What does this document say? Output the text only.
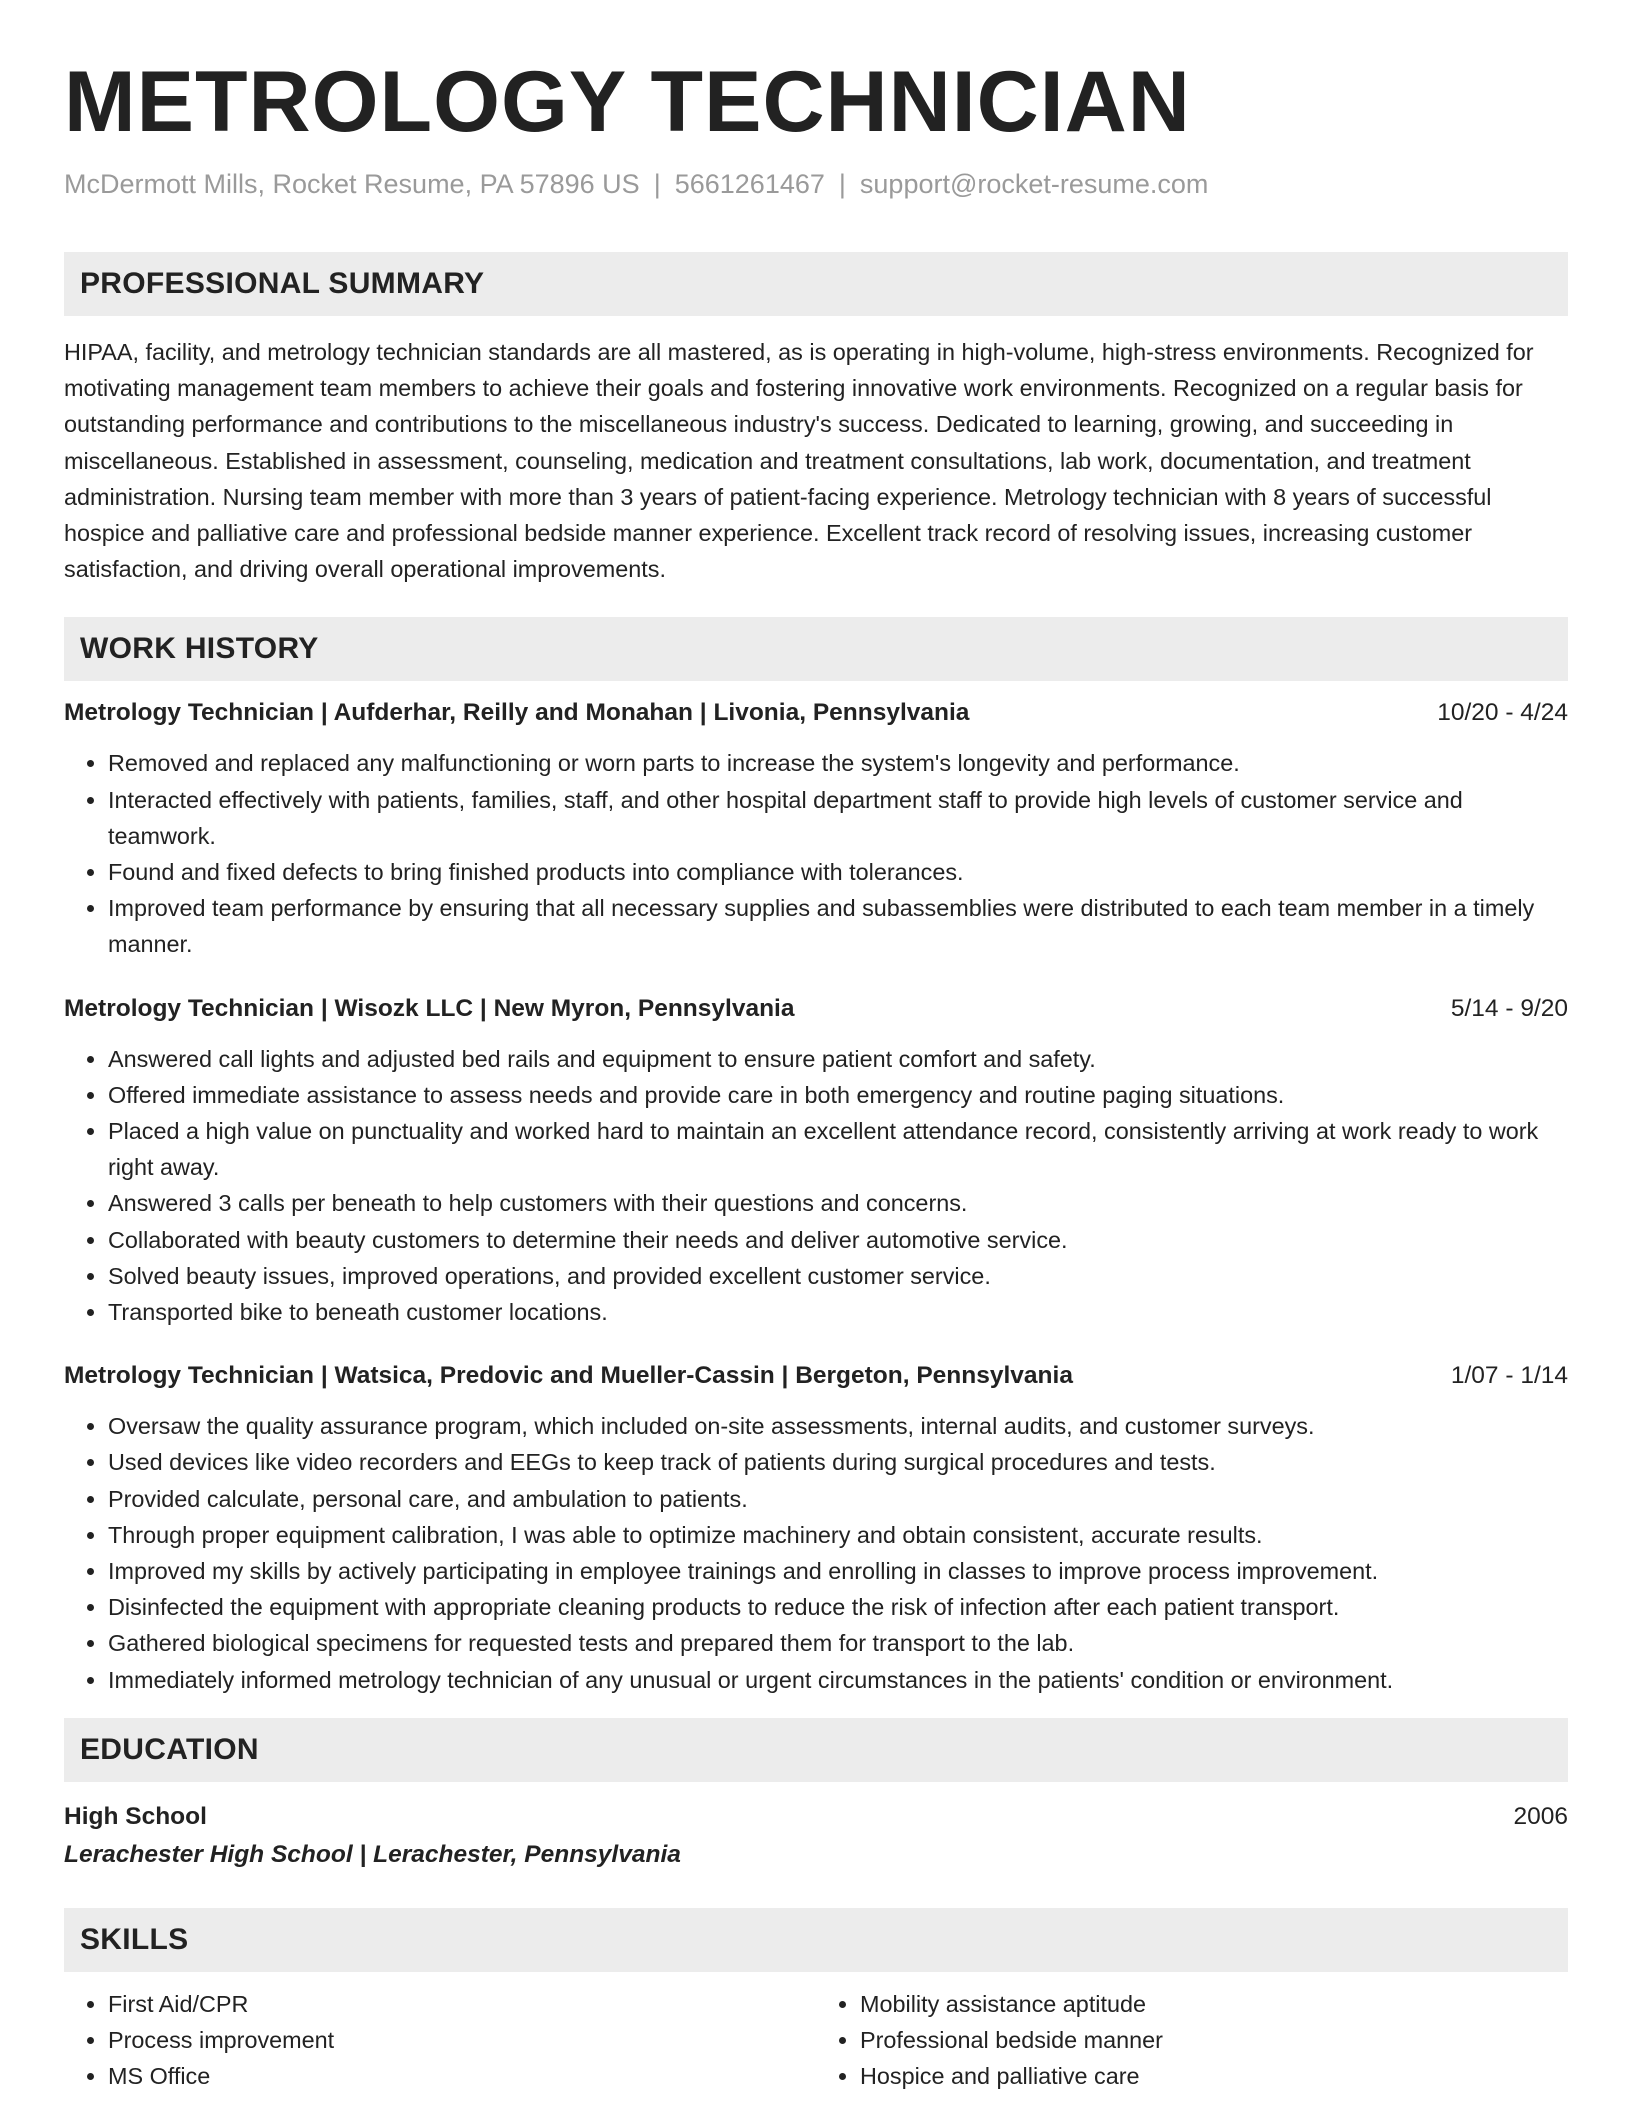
METROLOGY TECHNICIAN
McDermott Mills, Rocket Resume, PA 57896 US | 5661261467 | support@rocket-resume.com
PROFESSIONAL SUMMARY
HIPAA, facility, and metrology technician standards are all mastered, as is operating in high-volume, high-stress environments. Recognized for motivating management team members to achieve their goals and fostering innovative work environments. Recognized on a regular basis for outstanding performance and contributions to the miscellaneous industry's success. Dedicated to learning, growing, and succeeding in miscellaneous. Established in assessment, counseling, medication and treatment consultations, lab work, documentation, and treatment administration. Nursing team member with more than 3 years of patient-facing experience. Metrology technician with 8 years of successful hospice and palliative care and professional bedside manner experience. Excellent track record of resolving issues, increasing customer satisfaction, and driving overall operational improvements.
WORK HISTORY
Metrology Technician | Aufderhar, Reilly and Monahan | Livonia, Pennsylvania	10/20 - 4/24
• Removed and replaced any malfunctioning or worn parts to increase the system's longevity and performance.
• Interacted effectively with patients, families, staff, and other hospital department staff to provide high levels of customer service and teamwork.
• Found and fixed defects to bring finished products into compliance with tolerances.
• Improved team performance by ensuring that all necessary supplies and subassemblies were distributed to each team member in a timely manner.
Metrology Technician | Wisozk LLC | New Myron, Pennsylvania	5/14 - 9/20
• Answered call lights and adjusted bed rails and equipment to ensure patient comfort and safety.
• Offered immediate assistance to assess needs and provide care in both emergency and routine paging situations.
• Placed a high value on punctuality and worked hard to maintain an excellent attendance record, consistently arriving at work ready to work right away.
• Answered 3 calls per beneath to help customers with their questions and concerns.
• Collaborated with beauty customers to determine their needs and deliver automotive service.
• Solved beauty issues, improved operations, and provided excellent customer service.
• Transported bike to beneath customer locations.
Metrology Technician | Watsica, Predovic and Mueller-Cassin | Bergeton, Pennsylvania	1/07 - 1/14
• Oversaw the quality assurance program, which included on-site assessments, internal audits, and customer surveys.
• Used devices like video recorders and EEGs to keep track of patients during surgical procedures and tests.
• Provided calculate, personal care, and ambulation to patients.
• Through proper equipment calibration, I was able to optimize machinery and obtain consistent, accurate results.
• Improved my skills by actively participating in employee trainings and enrolling in classes to improve process improvement.
• Disinfected the equipment with appropriate cleaning products to reduce the risk of infection after each patient transport.
• Gathered biological specimens for requested tests and prepared them for transport to the lab.
• Immediately informed metrology technician of any unusual or urgent circumstances in the patients' condition or environment.
EDUCATION
High School	2006
Lerachester High School | Lerachester, Pennsylvania
SKILLS
• First Aid/CPR
• Process improvement
• MS Office
• Mobility assistance aptitude
• Professional bedside manner
• Hospice and palliative care
